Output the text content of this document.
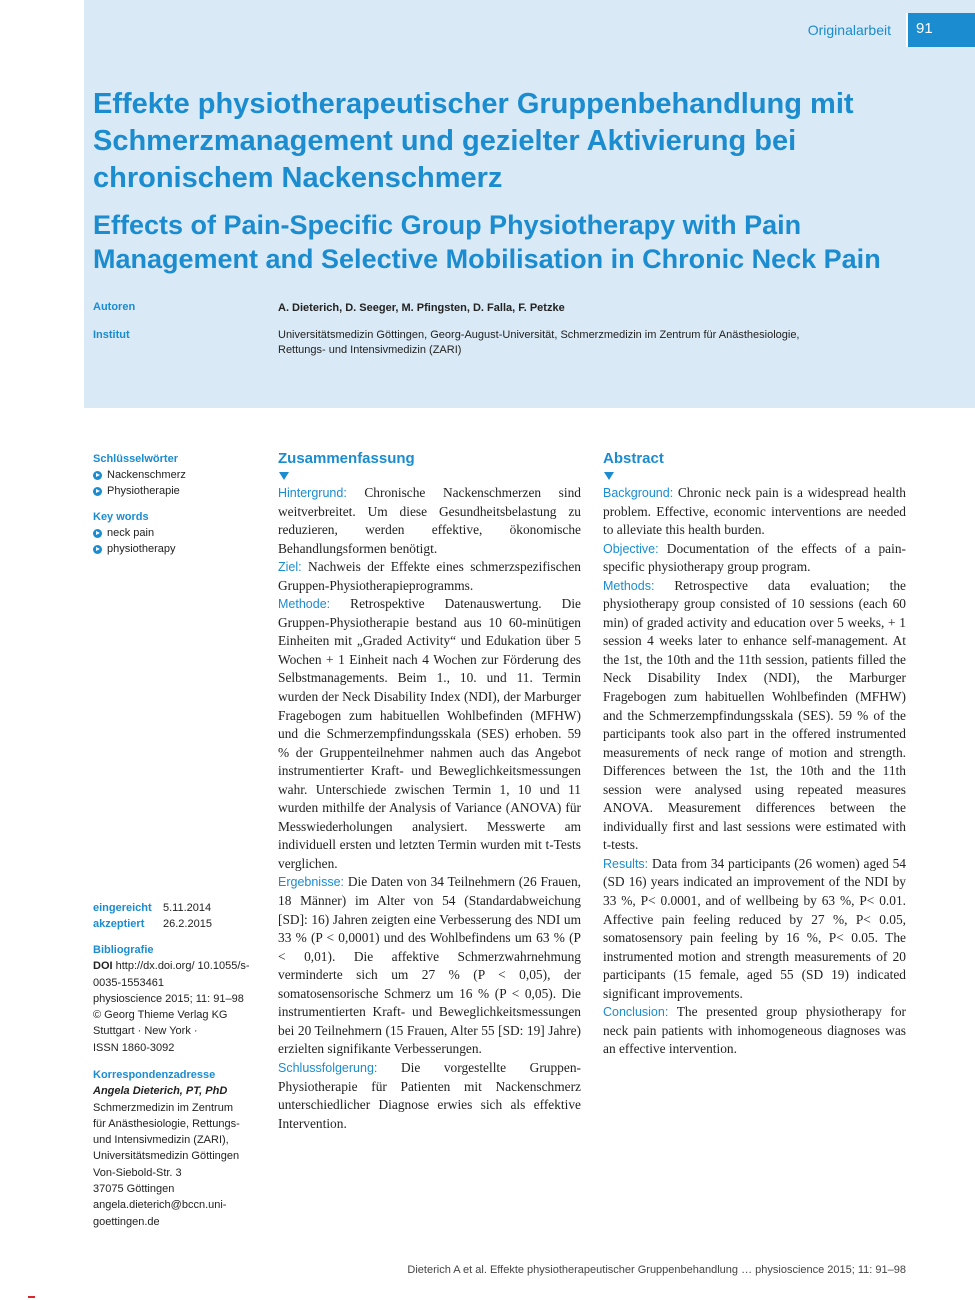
Originalarbeit 91
Effekte physiotherapeutischer Gruppenbehandlung mit Schmerzmanagement und gezielter Aktivierung bei chronischem Nackenschmerz
Effects of Pain-Specific Group Physiotherapy with Pain Management and Selective Mobilisation in Chronic Neck Pain
Autoren	A. Dieterich, D. Seeger, M. Pfingsten, D. Falla, F. Petzke
Institut	Universitätsmedizin Göttingen, Georg-August-Universität, Schmerzmedizin im Zentrum für Anästhesiologie, Rettungs- und Intensivmedizin (ZARI)
Schlüsselwörter
Nackenschmerz
Physiotherapie
Key words
neck pain
physiotherapy
eingereicht	5.11.2014
akzeptiert	26.2.2015
Bibliografie
DOI http://dx.doi.org/ 10.1055/s-0035-1553461
physioscience 2015; 11: 91–98
© Georg Thieme Verlag KG
Stuttgart · New York ·
ISSN 1860-3092
Korrespondenzadresse
Angela Dieterich, PT, PhD
Schmerzmedizin im Zentrum
für Anästhesiologie, Rettungs-
und Intensivmedizin (ZARI),
Universitätsmedizin Göttingen
Von-Siebold-Str. 3
37075 Göttingen
angela.dieterich@bccn.uni-
goettingen.de
Zusammenfassung
Hintergrund: Chronische Nackenschmerzen sind weitverbreitet. Um diese Gesundheitsbelastung zu reduzieren, werden effektive, ökonomische Behandlungsformen benötigt.
Ziel: Nachweis der Effekte eines schmerzspezifischen Gruppen-Physiotherapieprogramms.
Methode: Retrospektive Datenauswertung. Die Gruppen-Physiotherapie bestand aus 10 60-minütigen Einheiten mit „Graded Activity“ und Edukation über 5 Wochen + 1 Einheit nach 4 Wochen zur Förderung des Selbstmanagements. Beim 1., 10. und 11. Termin wurden der Neck Disability Index (NDI), der Marburger Fragebogen zum habituellen Wohlbefinden (MFHW) und die Schmerzempfindungsskala (SES) erhoben. 59 % der Gruppenteilnehmer nahmen auch das Angebot instrumentierter Kraft- und Beweglichkeitsmessungen wahr. Unterschiede zwischen Termin 1, 10 und 11 wurden mithilfe der Analysis of Variance (ANOVA) für Messwiederholungen analysiert. Messwerte am individuell ersten und letzten Termin wurden mit t-Tests verglichen.
Ergebnisse: Die Daten von 34 Teilnehmern (26 Frauen, 18 Männer) im Alter von 54 (Standardabweichung [SD]: 16) Jahren zeigten eine Verbesserung des NDI um 33 % (P < 0,0001) und des Wohlbefindens um 63 % (P < 0,01). Die affektive Schmerzwahrnehmung verminderte sich um 27 % (P < 0,05), der somatosensorische Schmerz um 16 % (P < 0,05). Die instrumentierten Kraft- und Beweglichkeitsmessungen bei 20 Teilnehmern (15 Frauen, Alter 55 [SD: 19] Jahre) erzielten signifikante Verbesserungen.
Schlussfolgerung: Die vorgestellte Gruppen-Physiotherapie für Patienten mit Nackenschmerz unterschiedlicher Diagnose erwies sich als effektive Intervention.
Abstract
Background: Chronic neck pain is a widespread health problem. Effective, economic interventions are needed to alleviate this health burden.
Objective: Documentation of the effects of a pain-specific physiotherapy group program.
Methods: Retrospective data evaluation; the physiotherapy group consisted of 10 sessions (each 60 min) of graded activity and education over 5 weeks, + 1 session 4 weeks later to enhance self-management. At the 1st, the 10th and the 11th session, patients filled the Neck Disability Index (NDI), the Marburger Fragebogen zum habituellen Wohlbefinden (MFHW) and the Schmerzempfindungsskala (SES). 59 % of the participants took also part in the offered instrumented measurements of neck range of motion and strength. Differences between the 1st, the 10th and the 11th session were analysed using repeated measures ANOVA. Measurement differences between the individually first and last sessions were estimated with t-tests.
Results: Data from 34 participants (26 women) aged 54 (SD 16) years indicated an improvement of the NDI by 33 %, P< 0.0001, and of wellbeing by 63 %, P< 0.01. Affective pain feeling reduced by 27 %, P< 0.05, somatosensory pain feeling by 16 %, P< 0.05. The instrumented motion and strength measurements of 20 participants (15 female, aged 55 (SD 19) indicated significant improvements.
Conclusion: The presented group physiotherapy for neck pain patients with inhomogeneous diagnoses was an effective intervention.
Dieterich A et al. Effekte physiotherapeutischer Gruppenbehandlung … physioscience 2015; 11: 91–98
